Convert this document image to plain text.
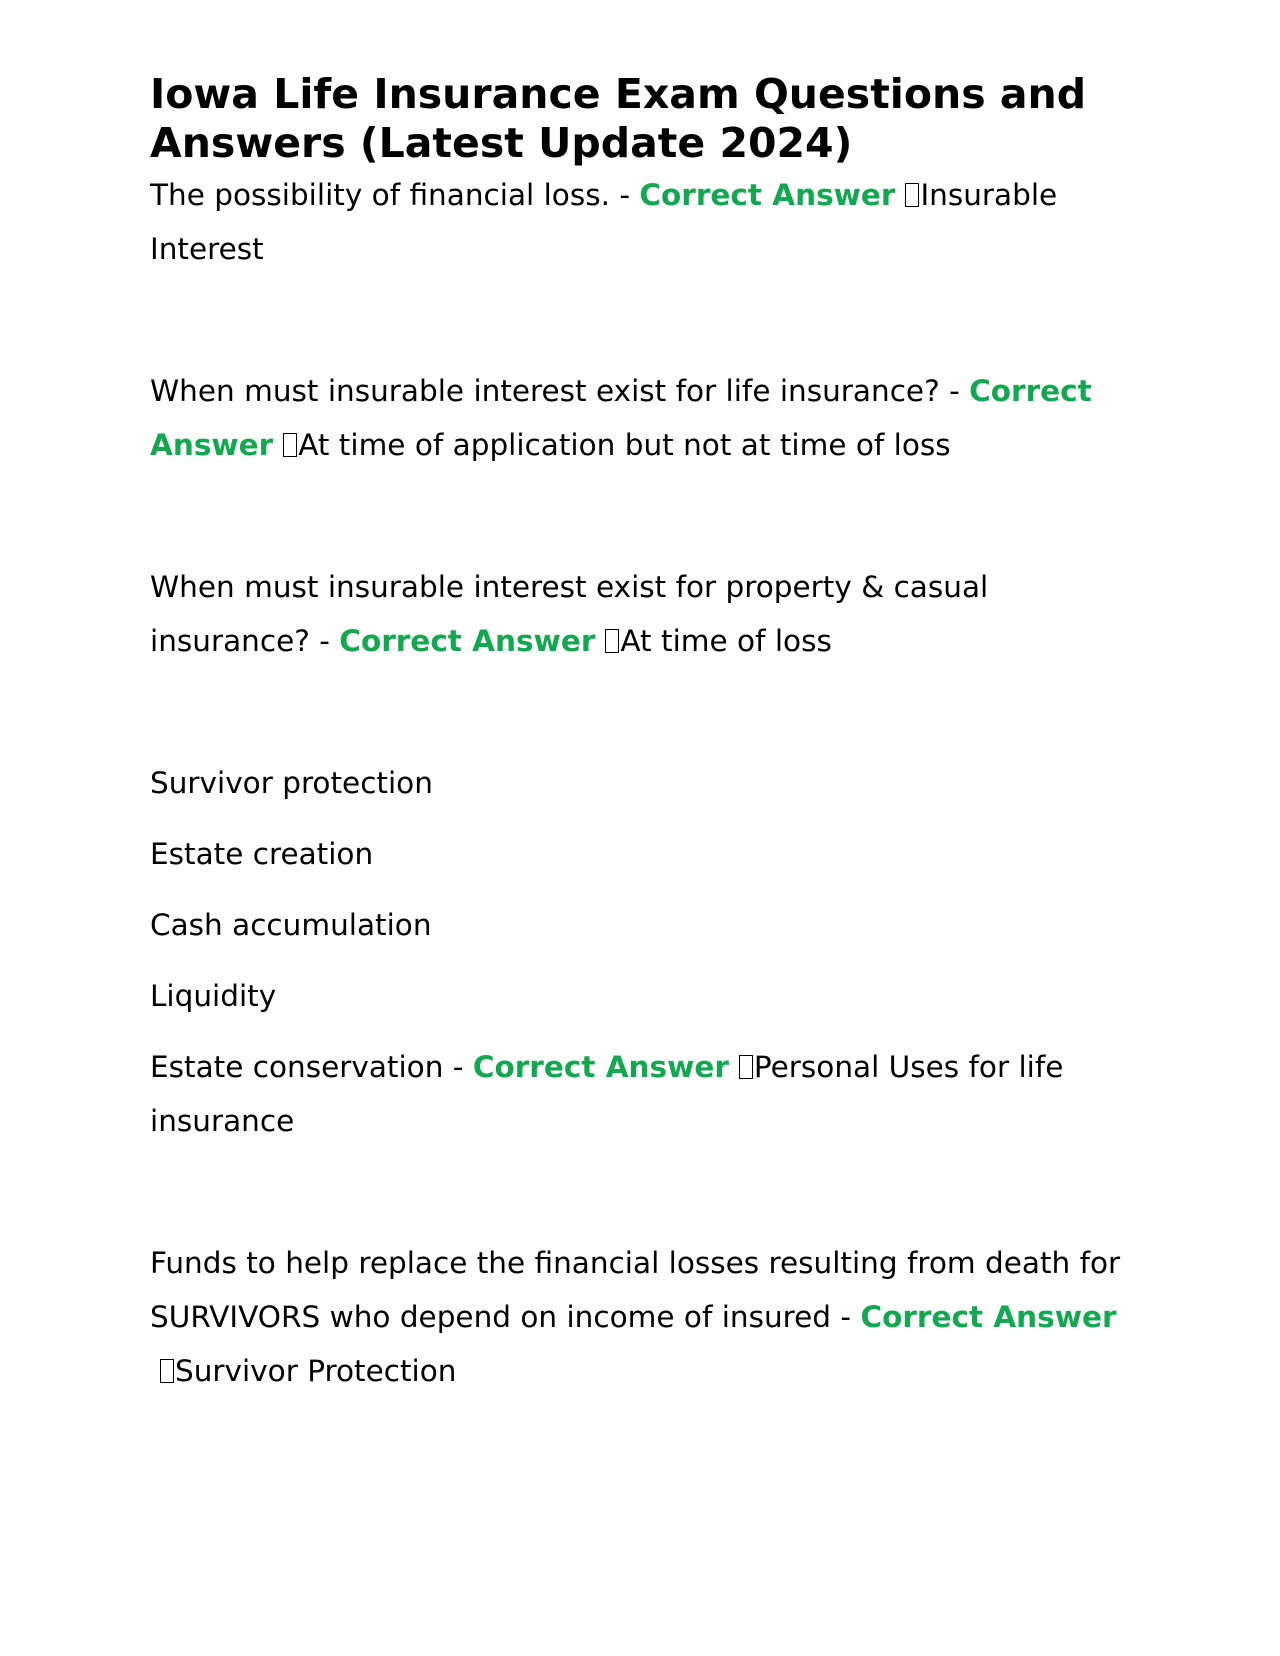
Iowa Life Insurance Exam Questions and Answers (Latest Update 2024)

The possibility of financial loss. - Correct Answer Insurable Interest

When must insurable interest exist for life insurance? - Correct Answer At time of application but not at time of loss

When must insurable interest exist for property & casual insurance? - Correct Answer At time of loss

Survivor protection

Estate creation

Cash accumulation

Liquidity

Estate conservation - Correct Answer Personal Uses for life insurance

Funds to help replace the financial losses resulting from death for SURVIVORS who depend on income of insured - Correct AnswerSurvivor Protection
